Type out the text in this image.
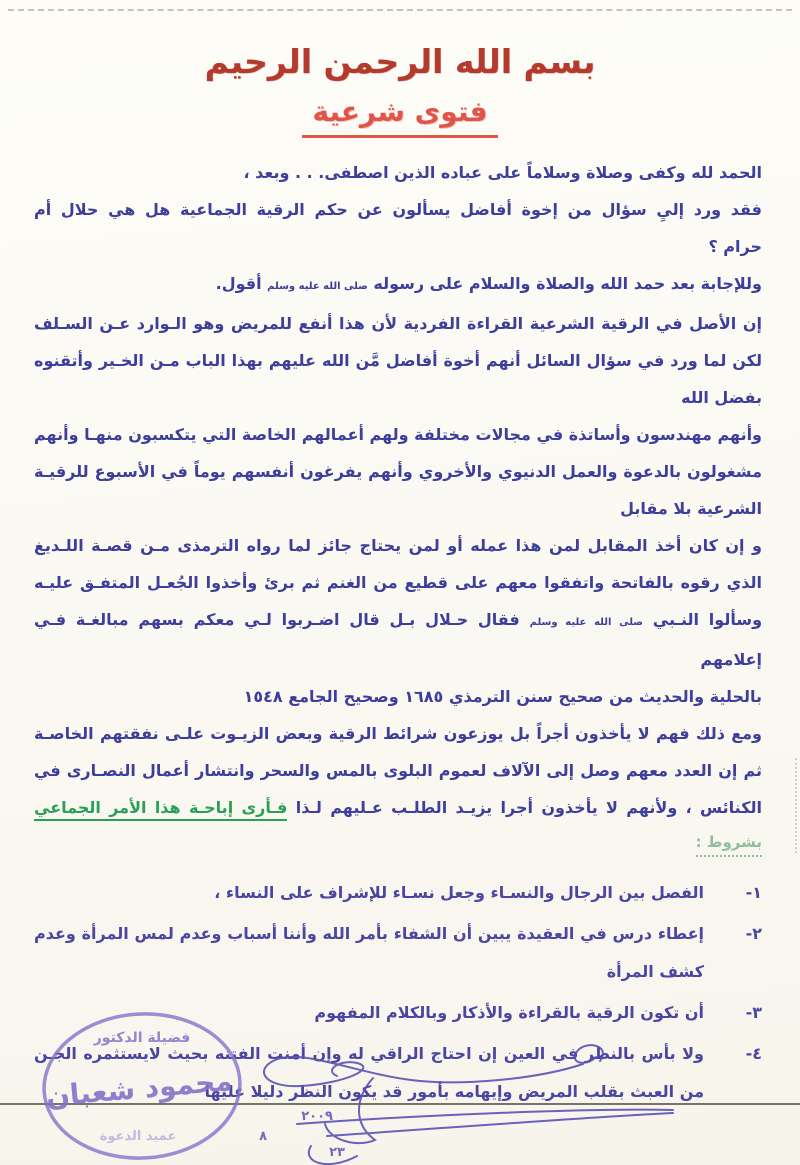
بسم الله الرحمن الرحيم
فتوى شرعية
الحمد لله وكفى وصلاة وسلاماً على عباده الذين اصطفى. . . وبعد ،
فقد ورد إليِ سؤال من إخوة أفاضل يسألون عن حكم الرقية الجماعية هل هي حلال أم
حرام ؟
وللإجابة بعد حمد الله والصلاة والسلام على رسوله صلى الله عليه وسلم أقول.
إن الأصل في الرقية الشرعية القراءة الفردية لأن هذا أنفع للمريض وهو الـوارد عـن السـلف
لكن لما ورد في سؤال السائل أنهم أخوة أفاضل مَّن الله عليهم بهذا الباب مـن الخـير وأتقنوه
بفضل الله
وأنهم مهندسون وأساتذة في مجالات مختلفة ولهم أعمالهم الخاصة التي يتكسبون منهـا وأنهم
مشغولون بالدعوة والعمل الدنيوي والأخروي وأنهم يفرغون أنفسهم يوماً في الأسبوع للرقيـة
الشرعية بلا مقابل
و إن كان أخذ المقابل لمن هذا عمله أو لمن يحتاج جائز لما رواه الترمذى مـن قصـة اللـديغ
الذي رقوه بالفاتحة واتفقوا معهم على قطيع من الغنم ثم برئ وأخذوا الجُعـل المتفـق عليـه
وسألوا النـبي صلى الله عليه وسلم فقال حـلال بـل قال اضـربوا لـي معكم بسهم مبالغـة فـي إعلامهم
بالحلية والحديث من صحيح سنن الترمذي ١٦٨٥ وصحيح الجامع ١٥٤٨
ومع ذلك فهم لا يأخذون أجراً بل يوزعون شرائط الرقية وبعض الزيـوت علـى نفقتهم الخاصـة
ثم إن العدد معهم وصل إلى الآلاف لعموم البلوى بالمس والسحر وانتشار أعمال النصـارى في
الكنائس ، ولأنهم لا يأخذون أجرا يزيـد الطلـب عـليهم لـذا فـأرى إباحـة هذا الأمر الجماعي
بشروط :
١-
الفصل بين الرجال والنسـاء وجعل نسـاء للإشراف على النساء ،
٢-
إعطاء درس في العقيدة يبين أن الشفاء بأمر الله وأننا أسباب وعدم لمس المرأة وعدم
كشف المرأة
٣-
أن تكون الرقية بالقراءة والأذكار وبالكلام المفهوم
٤-
ولا بأس بالنظر في العين إن احتاج الراقي له وإن أمنت الفتنه بحيث لايستثمره الجـن
من العبث بقلب المريض وإيهامه بأمور قد يكون النظر دليلا عليها
فضيلة الدكتور
محمود شعبان
عميد الدعوة
٢٠٠٩
٨
٢٣
